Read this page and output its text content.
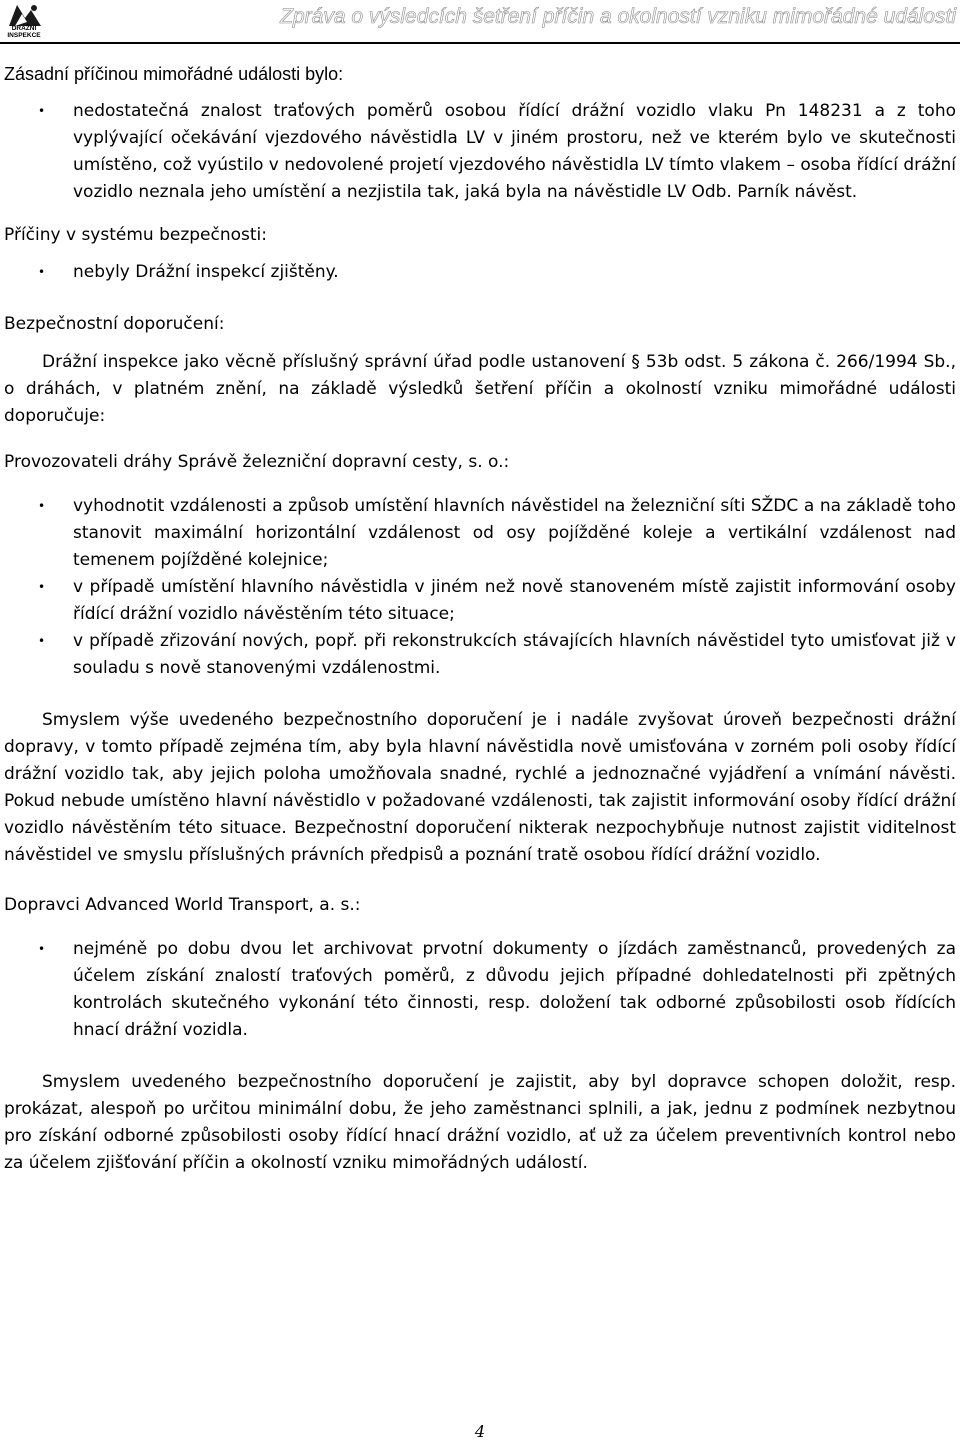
DRÁŽNÍ
INSPEKCE
Zpráva o výsledcích šetření příčin a okolností vzniku mimořádné události

Zásadní příčinou mimořádné události bylo:

• nedostatečná znalost traťových poměrů osobou řídící drážní vozidlo vlaku Pn 148231 a z toho vyplývající očekávání vjezdového návěstidla LV v jiném prostoru, než ve kterém bylo ve skutečnosti umístěno, což vyústilo v nedovolené projetí vjezdového návěstidla LV tímto vlakem – osoba řídící drážní vozidlo neznala jeho umístění a nezjistila tak, jaká byla na návěstidle LV Odb. Parník návěst.

Příčiny v systému bezpečnosti:

• nebyly Drážní inspekcí zjištěny.

Bezpečnostní doporučení:

Drážní inspekce jako věcně příslušný správní úřad podle ustanovení § 53b odst. 5 zákona č. 266/1994 Sb., o dráhách, v platném znění, na základě výsledků šetření příčin a okolností vzniku mimořádné události doporučuje:

Provozovateli dráhy Správě železniční dopravní cesty, s. o.:

• vyhodnotit vzdálenosti a způsob umístění hlavních návěstidel na železniční síti SŽDC a na základě toho stanovit maximální horizontální vzdálenost od osy pojížděné koleje a vertikální vzdálenost nad temenem pojížděné kolejnice;
• v případě umístění hlavního návěstidla v jiném než nově stanoveném místě zajistit informování osoby řídící drážní vozidlo návěstěním této situace;
• v případě zřizování nových, popř. při rekonstrukcích stávajících hlavních návěstidel tyto umisťovat již v souladu s nově stanovenými vzdálenostmi.

Smyslem výše uvedeného bezpečnostního doporučení je i nadále zvyšovat úroveň bezpečnosti drážní dopravy, v tomto případě zejména tím, aby byla hlavní návěstidla nově umisťována v zorném poli osoby řídící drážní vozidlo tak, aby jejich poloha umožňovala snadné, rychlé a jednoznačné vyjádření a vnímání návěsti. Pokud nebude umístěno hlavní návěstidlo v požadované vzdálenosti, tak zajistit informování osoby řídící drážní vozidlo návěstěním této situace. Bezpečnostní doporučení nikterak nezpochybňuje nutnost zajistit viditelnost návěstidel ve smyslu příslušných právních předpisů a poznání tratě osobou řídící drážní vozidlo.

Dopravci Advanced World Transport, a. s.:

• nejméně po dobu dvou let archivovat prvotní dokumenty o jízdách zaměstnanců, provedených za účelem získání znalostí traťových poměrů, z důvodu jejich případné dohledatelnosti při zpětných kontrolách skutečného vykonání této činnosti, resp. doložení tak odborné způsobilosti osob řídících hnací drážní vozidla.

Smyslem uvedeného bezpečnostního doporučení je zajistit, aby byl dopravce schopen doložit, resp. prokázat, alespoň po určitou minimální dobu, že jeho zaměstnanci splnili, a jak, jednu z podmínek nezbytnou pro získání odborné způsobilosti osoby řídící hnací drážní vozidlo, ať už za účelem preventivních kontrol nebo za účelem zjišťování příčin a okolností vzniku mimořádných událostí.

4
